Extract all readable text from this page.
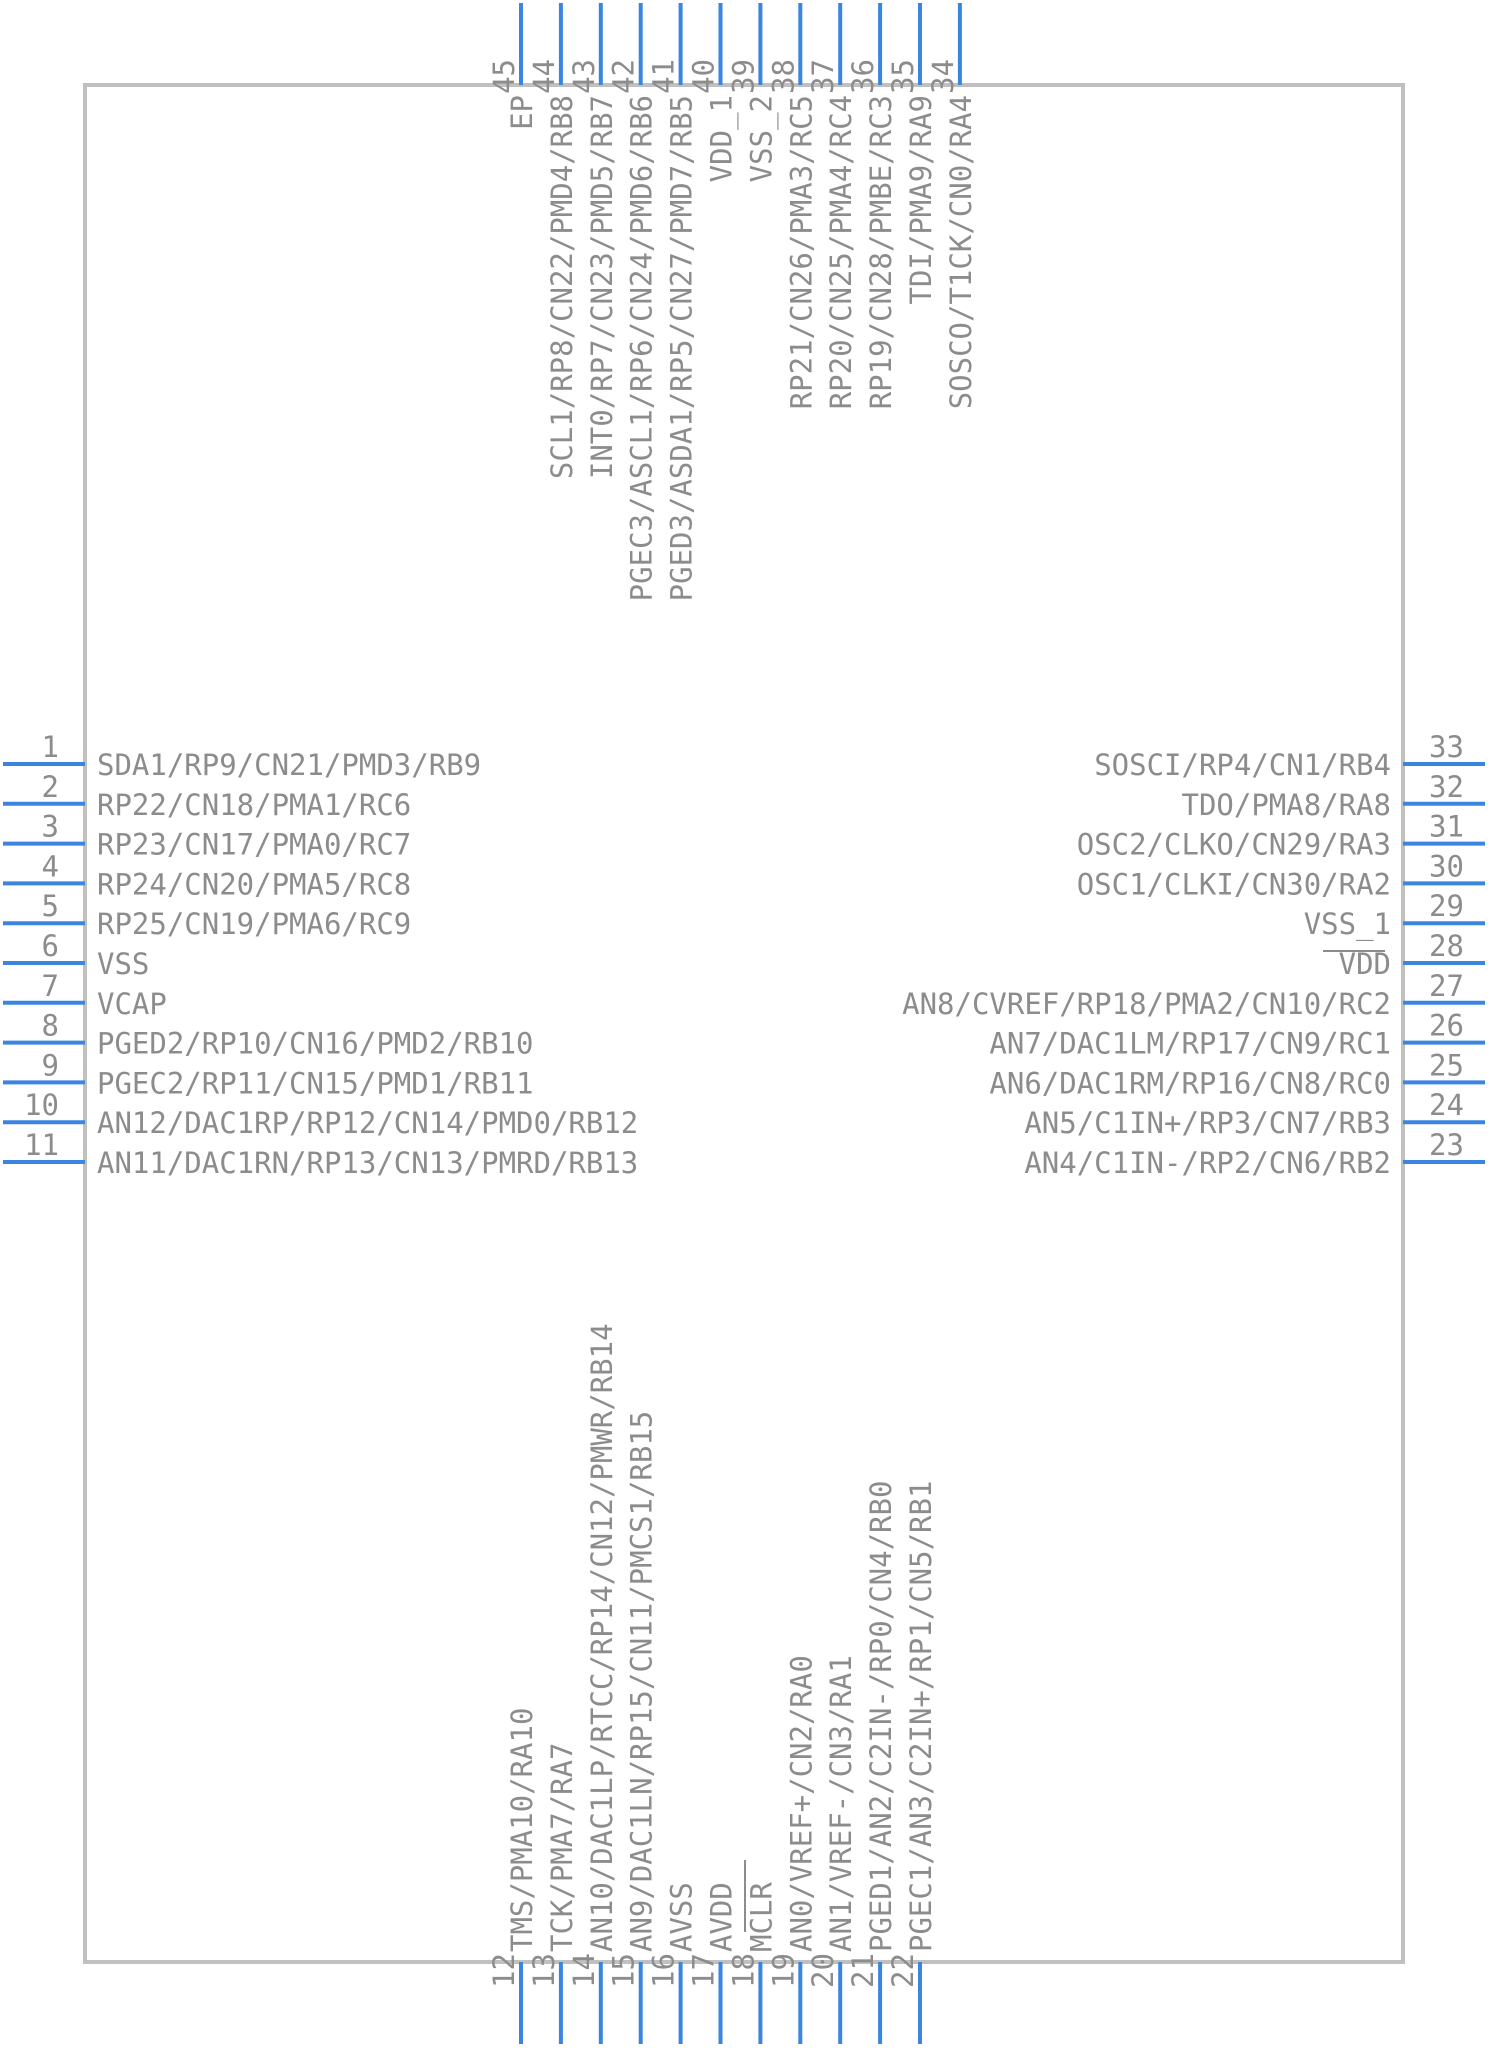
1
SDA1/RP9/CN21/PMD3/RB9
2
RP22/CN18/PMA1/RC6
3
RP23/CN17/PMA0/RC7
4
RP24/CN20/PMA5/RC8
5
RP25/CN19/PMA6/RC9
6
VSS
7
VCAP
8
PGED2/RP10/CN16/PMD2/RB10
9
PGEC2/RP11/CN15/PMD1/RB11
10
AN12/DAC1RP/RP12/CN14/PMD0/RB12
11
AN11/DAC1RN/RP13/CN13/PMRD/RB13
33
SOSCI/RP4/CN1/RB4
32
TDO/PMA8/RA8
31
OSC2/CLKO/CN29/RA3
30
OSC1/CLKI/CN30/RA2
29
VSS_1
28
VDD
27
AN8/CVREF/RP18/PMA2/CN10/RC2
26
AN7/DAC1LM/RP17/CN9/RC1
25
AN6/DAC1RM/RP16/CN8/RC0
24
AN5/C1IN+/RP3/CN7/RB3
23
AN4/C1IN-/RP2/CN6/RB2
45
EP
44
SCL1/RP8/CN22/PMD4/RB8
43
INT0/RP7/CN23/PMD5/RB7
42
PGEC3/ASCL1/RP6/CN24/PMD6/RB6
41
PGED3/ASDA1/RP5/CN27/PMD7/RB5
40
VDD_1
39
VSS_2
38
RP21/CN26/PMA3/RC5
37
RP20/CN25/PMA4/RC4
36
RP19/CN28/PMBE/RC3
35
TDI/PMA9/RA9
34
SOSCO/T1CK/CN0/RA4
12
TMS/PMA10/RA10
13
TCK/PMA7/RA7
14
AN10/DAC1LP/RTCC/RP14/CN12/PMWR/RB14
15
AN9/DAC1LN/RP15/CN11/PMCS1/RB15
16
AVSS
17
AVDD
18
MCLR
19
AN0/VREF+/CN2/RA0
20
AN1/VREF-/CN3/RA1
21
PGED1/AN2/C2IN-/RP0/CN4/RB0
22
PGEC1/AN3/C2IN+/RP1/CN5/RB1
